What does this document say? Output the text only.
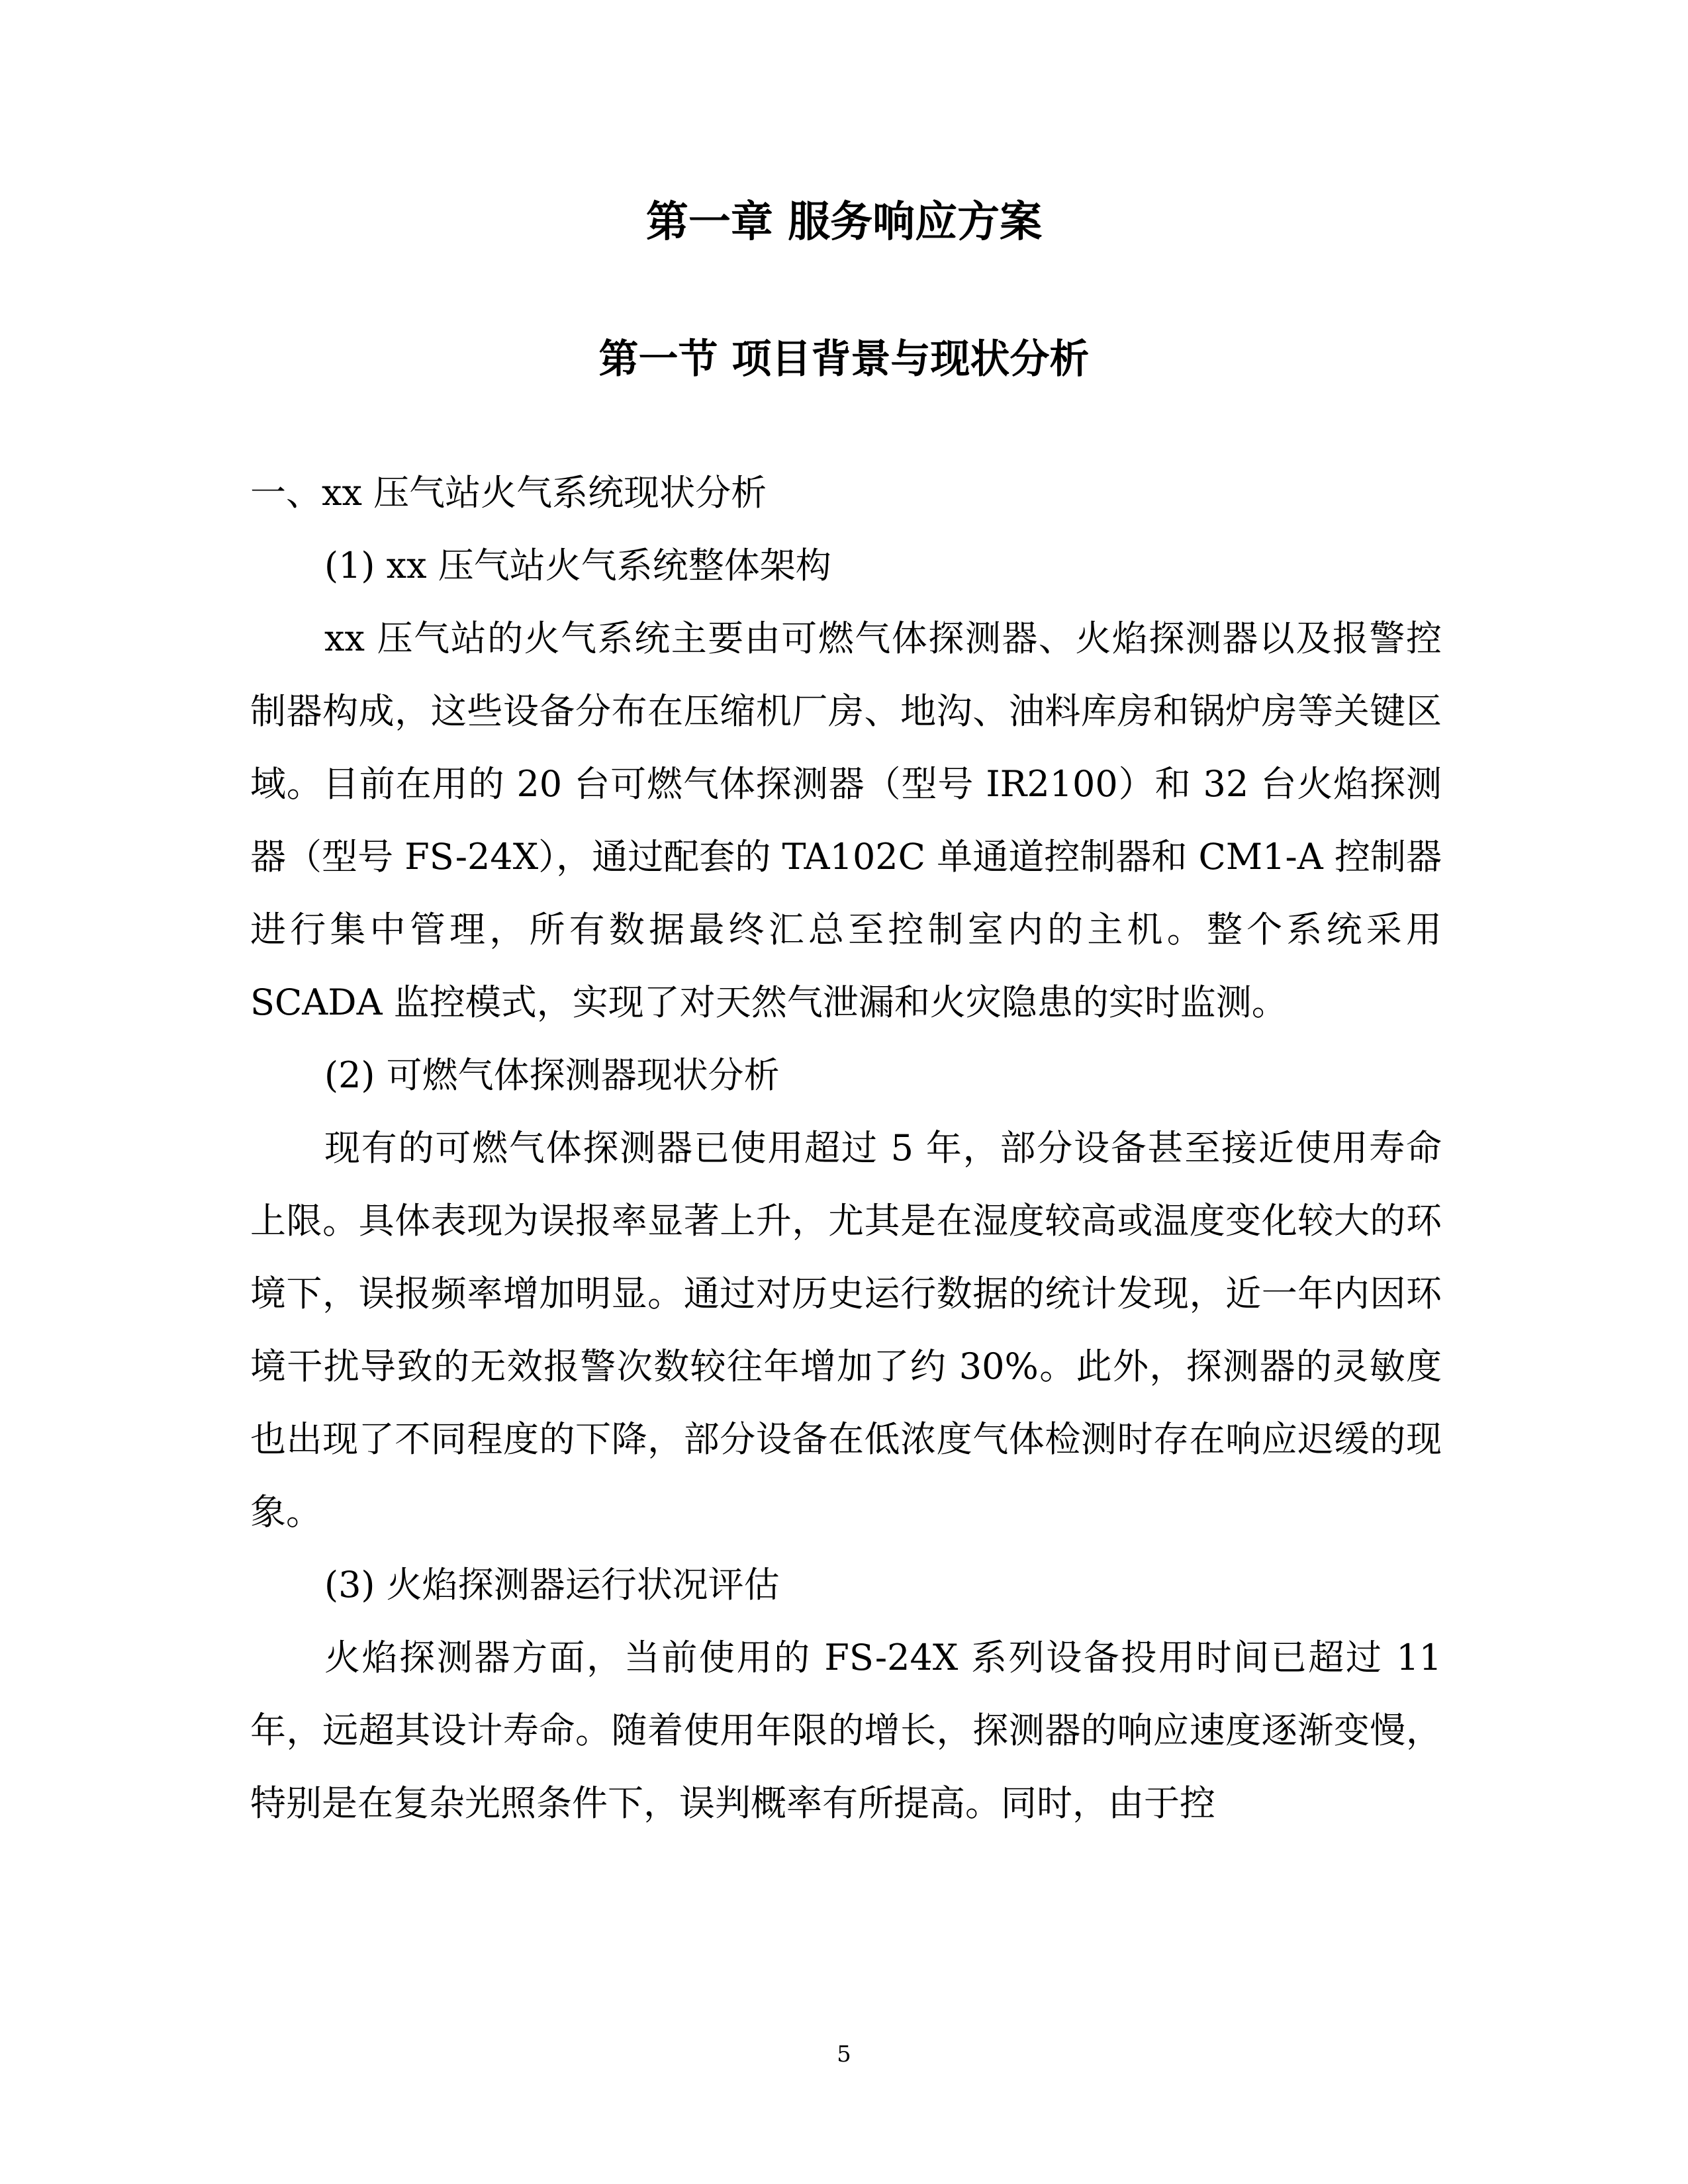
第一章 服务响应方案
第一节 项目背景与现状分析

一、xx 压气站火气系统现状分析

(1) xx 压气站火气系统整体架构

xx 压气站的火气系统主要由可燃气体探测器、火焰探测器以及报警控制器构成，这些设备分布在压缩机厂房、地沟、油料库房和锅炉房等关键区域。目前在用的 20 台可燃气体探测器（型号 IR2100）和 32 台火焰探测器（型号 FS-24X），通过配套的 TA102C 单通道控制器和 CM1-A 控制器进行集中管理，所有数据最终汇总至控制室内的主机。整个系统采用 SCADA 监控模式，实现了对天然气泄漏和火灾隐患的实时监测。

(2) 可燃气体探测器现状分析

现有的可燃气体探测器已使用超过 5 年，部分设备甚至接近使用寿命上限。具体表现为误报率显著上升，尤其是在湿度较高或温度变化较大的环境下，误报频率增加明显。通过对历史运行数据的统计发现，近一年内因环境干扰导致的无效报警次数较往年增加了约 30%。此外，探测器的灵敏度也出现了不同程度的下降，部分设备在低浓度气体检测时存在响应迟缓的现象。

(3) 火焰探测器运行状况评估

火焰探测器方面，当前使用的 FS-24X 系列设备投用时间已超过 11 年，远超其设计寿命。随着使用年限的增长，探测器的响应速度逐渐变慢，特别是在复杂光照条件下，误判概率有所提高。同时，由于控

5
